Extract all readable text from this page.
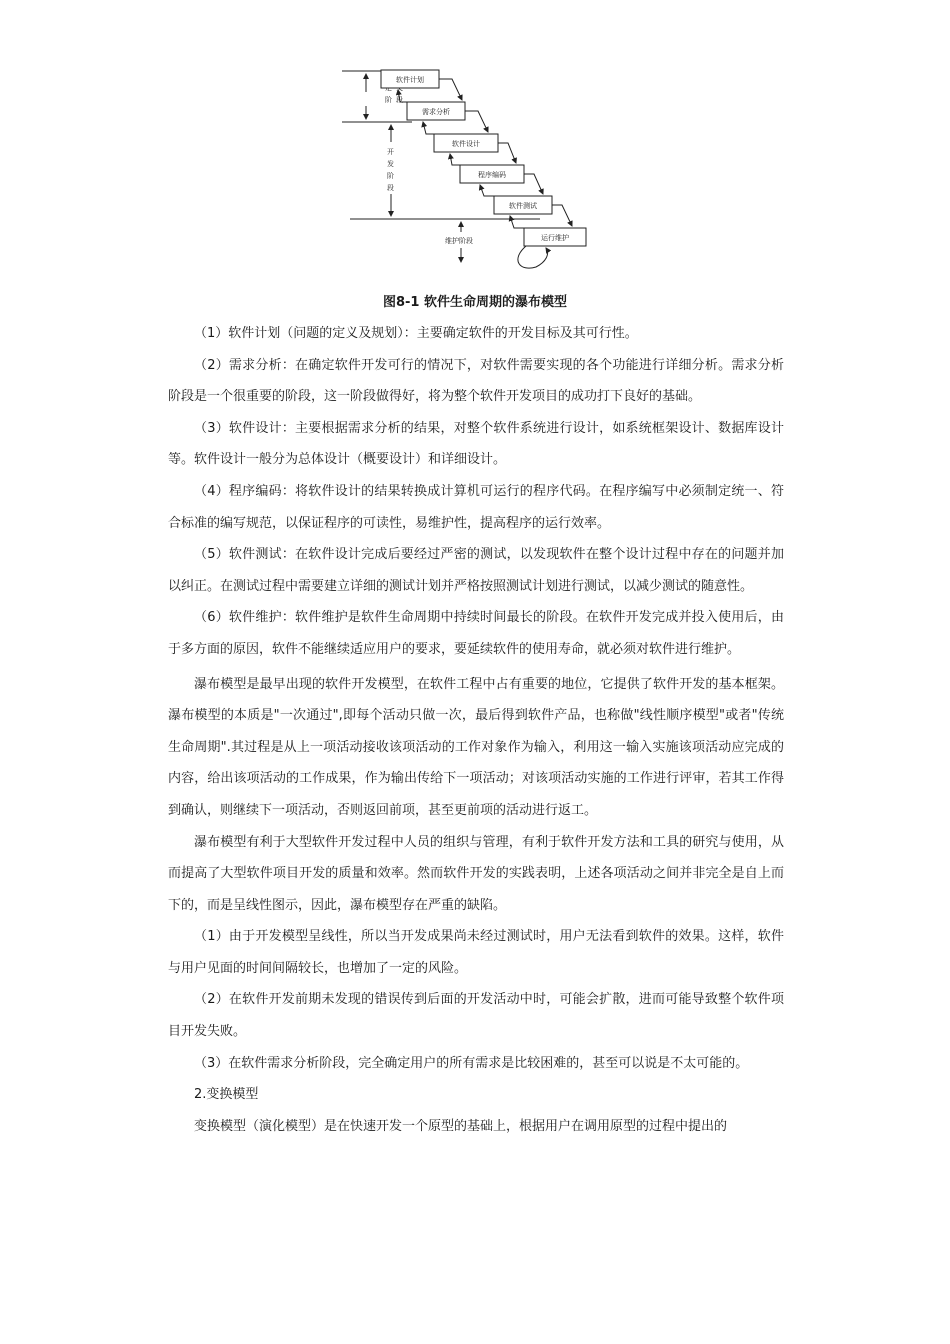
阶 段
开
发
阶
段
维护阶段
软件计划
需求分析
软件设计
程序编码
软件测试
运行维护
图8-1 软件生命周期的瀑布模型

（1）软件计划（问题的定义及规划）：主要确定软件的开发目标及其可行性。

（2）需求分析：在确定软件开发可行的情况下，对软件需要实现的各个功能进行详细分析。需求分析阶段是一个很重要的阶段，这一阶段做得好，将为整个软件开发项目的成功打下良好的基础。

（3）软件设计：主要根据需求分析的结果，对整个软件系统进行设计，如系统框架设计、数据库设计等。软件设计一般分为总体设计（概要设计）和详细设计。

（4）程序编码：将软件设计的结果转换成计算机可运行的程序代码。在程序编写中必须制定统一、符合标准的编写规范，以保证程序的可读性，易维护性，提高程序的运行效率。

（5）软件测试：在软件设计完成后要经过严密的测试，以发现软件在整个设计过程中存在的问题并加以纠正。在测试过程中需要建立详细的测试计划并严格按照测试计划进行测试，以减少测试的随意性。

（6）软件维护：软件维护是软件生命周期中持续时间最长的阶段。在软件开发完成并投入使用后，由于多方面的原因，软件不能继续适应用户的要求，要延续软件的使用寿命，就必须对软件进行维护。

瀑布模型是最早出现的软件开发模型，在软件工程中占有重要的地位，它提供了软件开发的基本框架。瀑布模型的本质是"一次通过",即每个活动只做一次，最后得到软件产品，也称做"线性顺序模型"或者"传统生命周期".其过程是从上一项活动接收该项活动的工作对象作为输入，利用这一输入实施该项活动应完成的内容，给出该项活动的工作成果，作为输出传给下一项活动；对该项活动实施的工作进行评审，若其工作得到确认，则继续下一项活动，否则返回前项，甚至更前项的活动进行返工。

瀑布模型有利于大型软件开发过程中人员的组织与管理，有利于软件开发方法和工具的研究与使用，从而提高了大型软件项目开发的质量和效率。然而软件开发的实践表明，上述各项活动之间并非完全是自上而下的，而是呈线性图示，因此，瀑布模型存在严重的缺陷。

（1）由于开发模型呈线性，所以当开发成果尚未经过测试时，用户无法看到软件的效果。这样，软件与用户见面的时间间隔较长，也增加了一定的风险。

（2）在软件开发前期未发现的错误传到后面的开发活动中时，可能会扩散，进而可能导致整个软件项目开发失败。

（3）在软件需求分析阶段，完全确定用户的所有需求是比较困难的，甚至可以说是不太可能的。

2.变换模型

变换模型（演化模型）是在快速开发一个原型的基础上，根据用户在调用原型的过程中提出的
